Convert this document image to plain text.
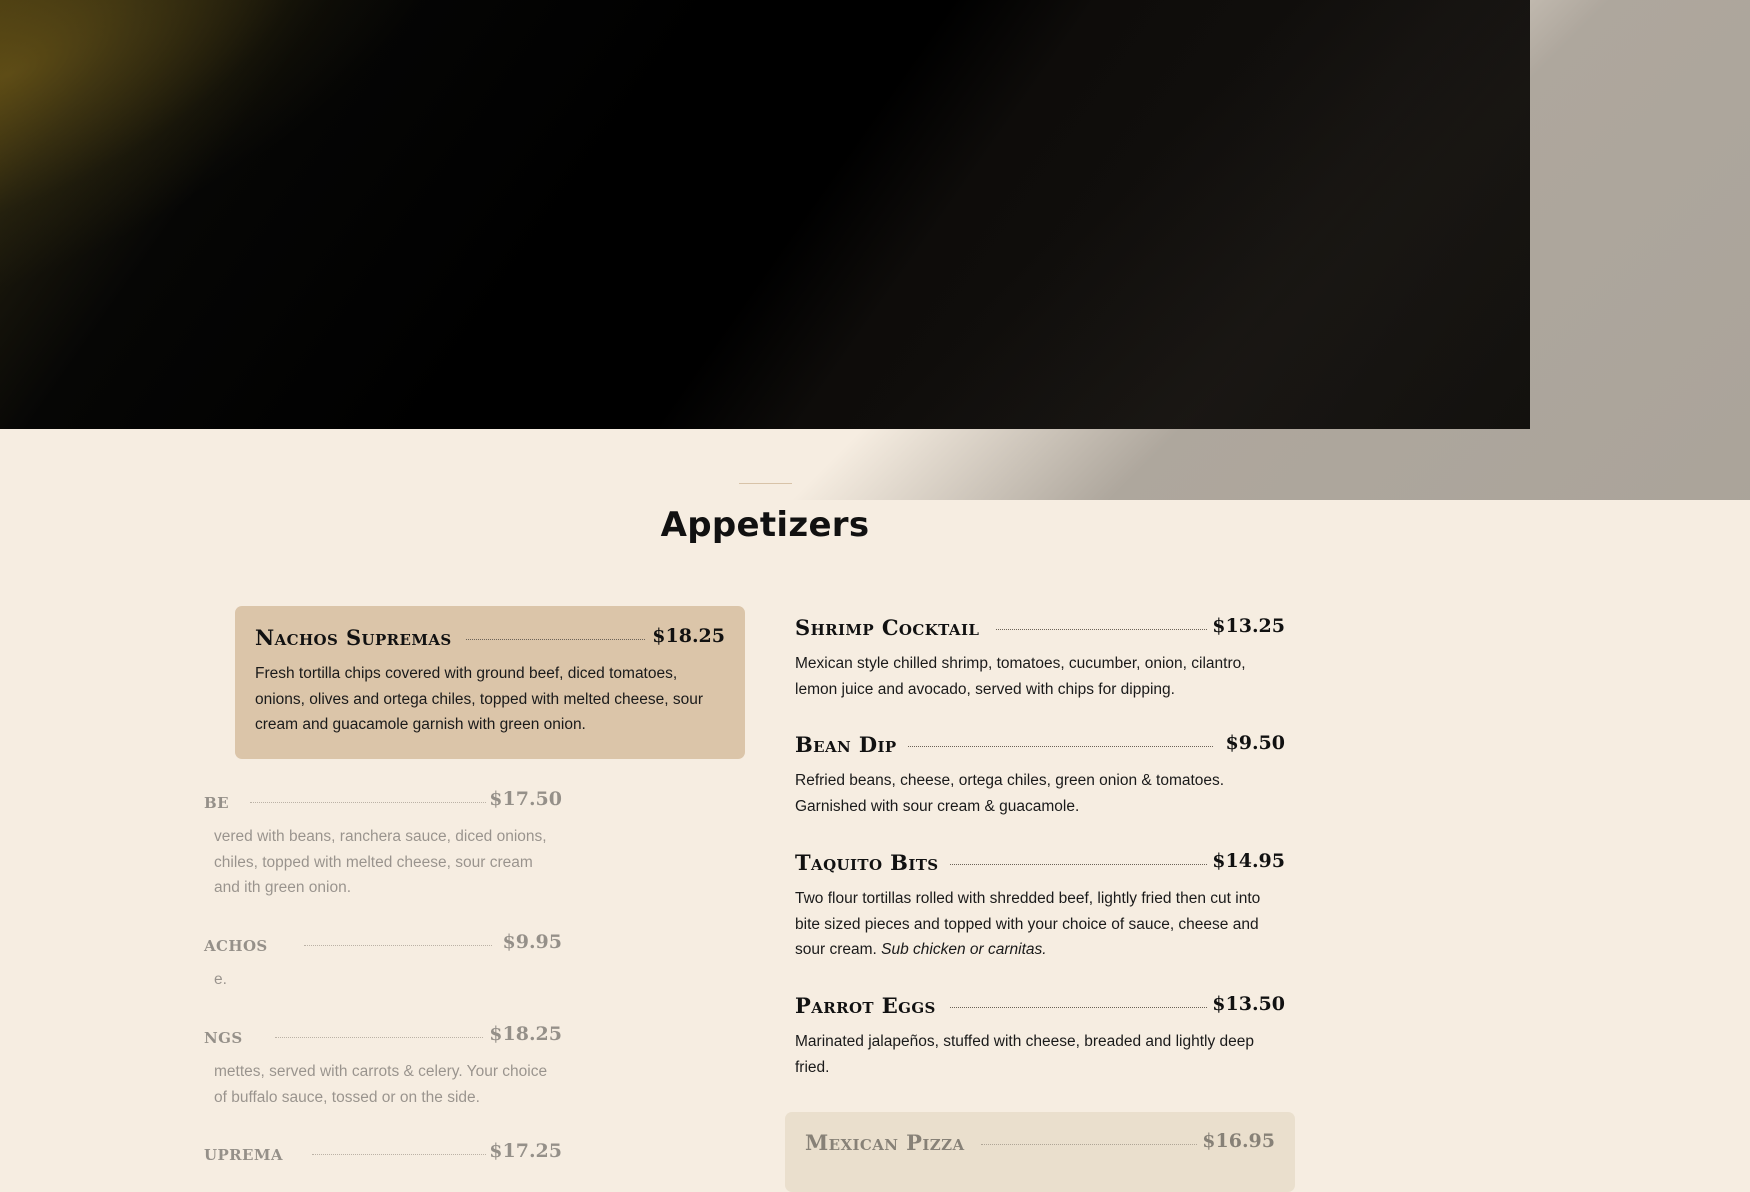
Appetizers
Nachos Supremas	$18.25
Fresh tortilla chips covered with ground beef, diced tomatoes, onions, olives and ortega chiles, topped with melted cheese, sour cream and guacamole garnish with green onion.
be	$17.50
vered with beans, ranchera sauce, diced onions, chiles, topped with melted cheese, sour cream and ith green onion.
achos	$9.95
e.
ngs	$18.25
mettes, served with carrots & celery. Your choice of buffalo sauce, tossed or on the side.
uprema	$17.25
Shrimp Cocktail	$13.25
Mexican style chilled shrimp, tomatoes, cucumber, onion, cilantro, lemon juice and avocado, served with chips for dipping.
Bean Dip	$9.50
Refried beans, cheese, ortega chiles, green onion & tomatoes. Garnished with sour cream & guacamole.
Taquito Bits	$14.95
Two flour tortillas rolled with shredded beef, lightly fried then cut into bite sized pieces and topped with your choice of sauce, cheese and sour cream. Sub chicken or carnitas.
Parrot Eggs	$13.50
Marinated jalapeños, stuffed with cheese, breaded and lightly deep fried.
Mexican Pizza	$16.95
